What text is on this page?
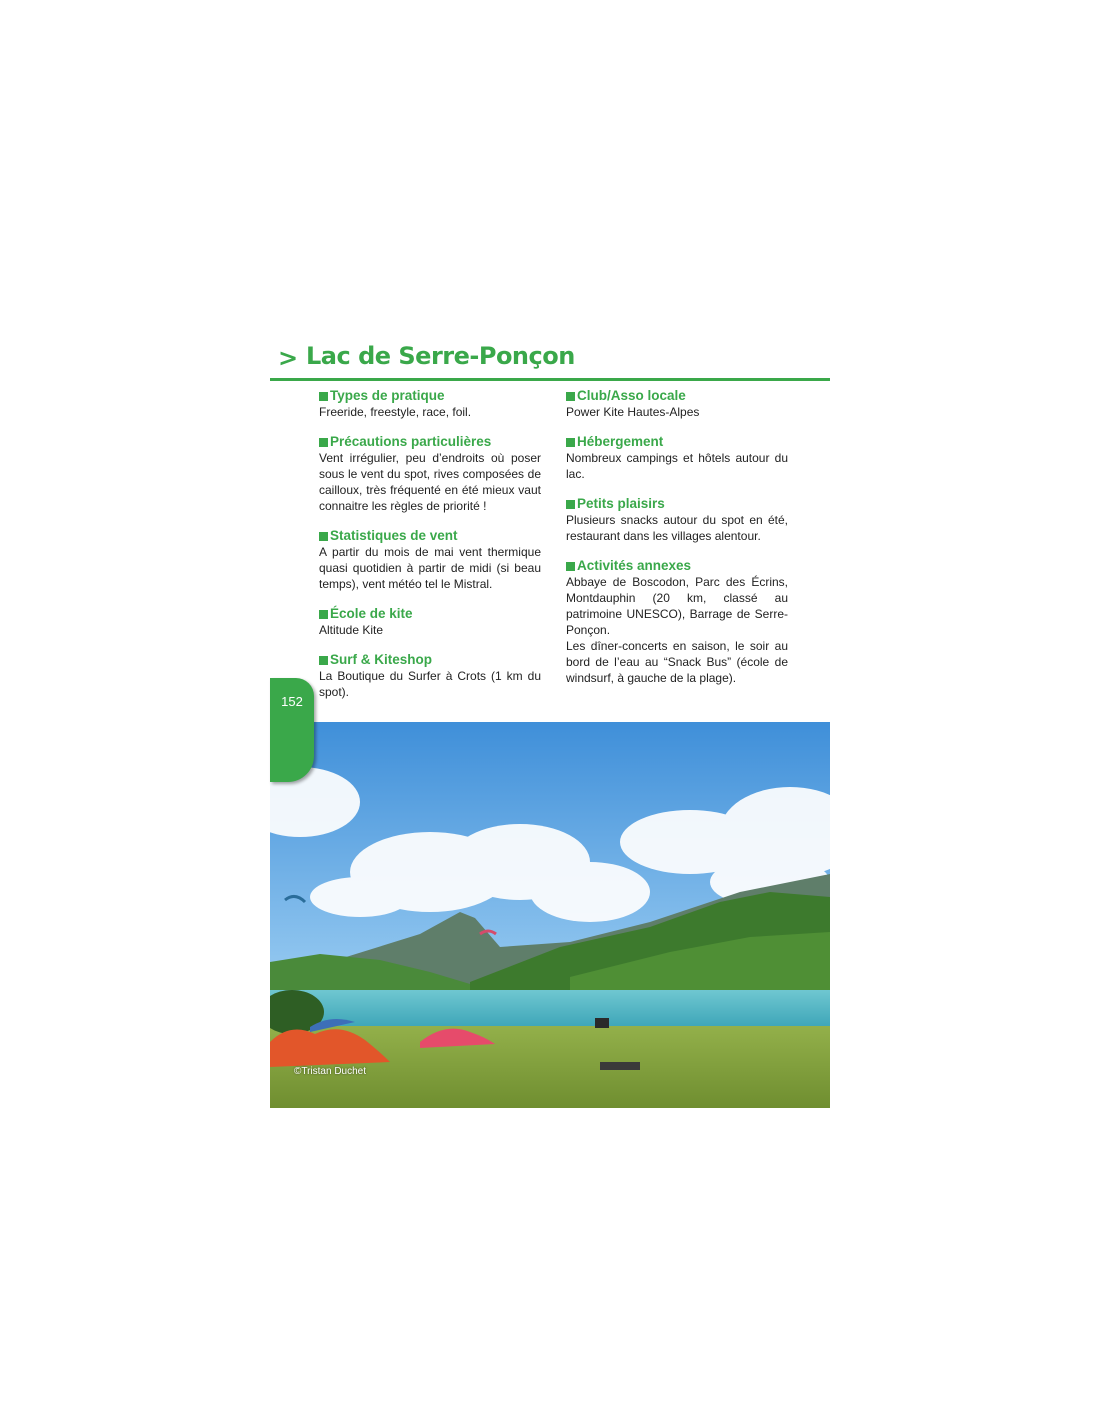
> Lac de Serre-Ponçon
Types de pratique
Freeride, freestyle, race, foil.
Précautions particulières
Vent irrégulier, peu d’endroits où poser sous le vent du spot, rives composées de cailloux, très fréquenté en été mieux vaut connaitre les règles de priorité !
Statistiques de vent
A partir du mois de mai vent thermique quasi quotidien à partir de midi (si beau temps), vent météo tel le Mistral.
École de kite
Altitude Kite
Surf & Kiteshop
La Boutique du Surfer à Crots (1 km du spot).
Club/Asso locale
Power Kite Hautes-Alpes
Hébergement
Nombreux campings et hôtels autour du lac.
Petits plaisirs
Plusieurs snacks autour du spot en été, restaurant dans les villages alentour.
Activités annexes
Abbaye de Boscodon, Parc des Écrins, Montdauphin (20 km, classé au patrimoine UNESCO), Barrage de Serre-Ponçon.
Les dîner-concerts en saison, le soir au bord de l’eau au “Snack Bus” (école de windsurf, à gauche de la plage).
©Tristan Duchet
152
